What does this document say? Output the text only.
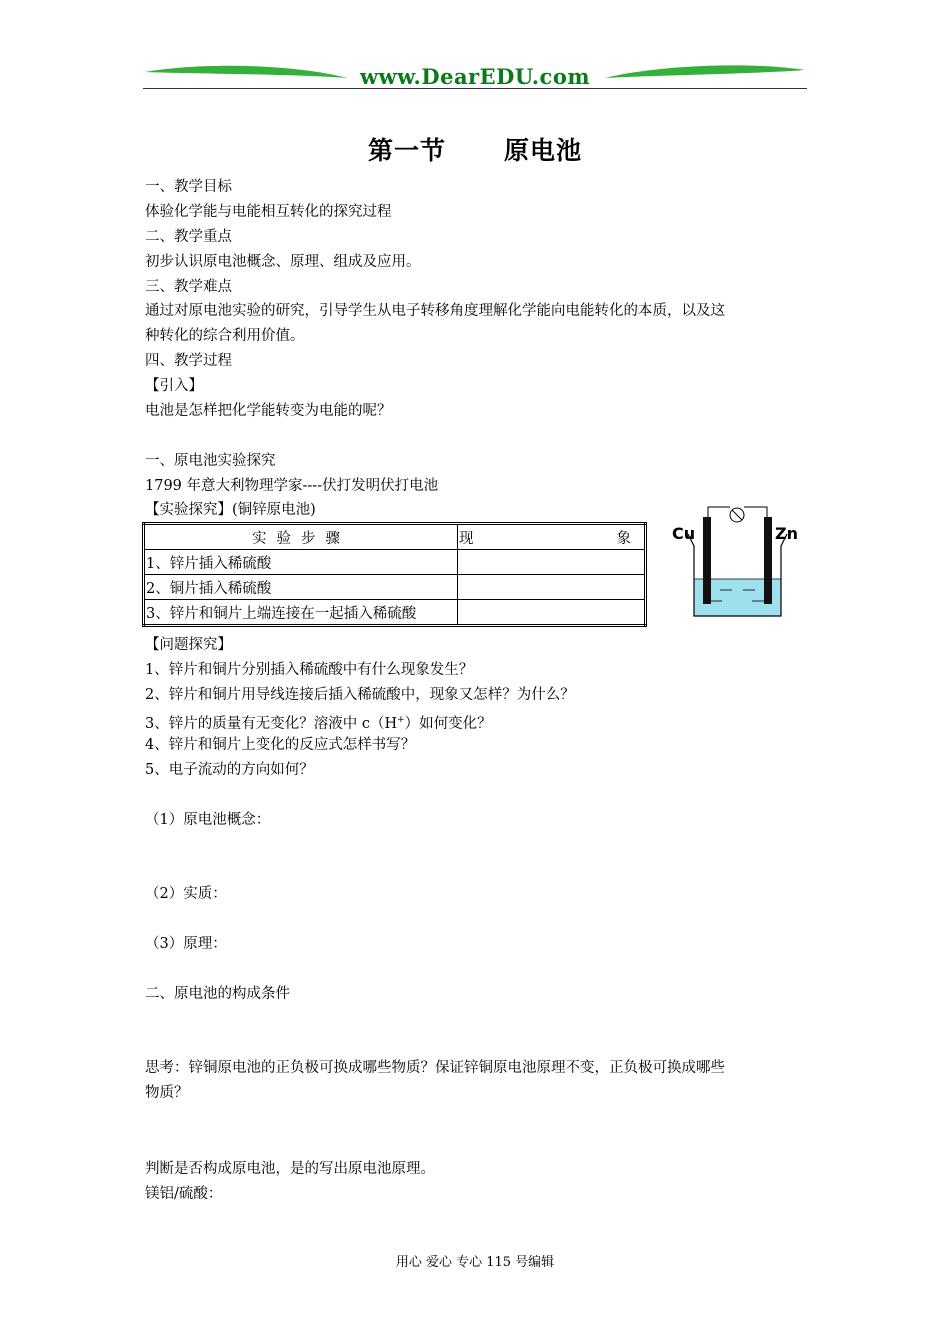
www.DearEDU.com
第一节 原电池
一、教学目标
体验化学能与电能相互转化的探究过程
二、教学重点
初步认识原电池概念、原理、组成及应用。
三、教学难点
通过对原电池实验的研究，引导学生从电子转移角度理解化学能向电能转化的本质，以及这
种转化的综合利用价值。
四、教学过程
【引入】
电池是怎样把化学能转变为电能的呢？
一、原电池实验探究
1799 年意大利物理学家----伏打发明伏打电池
【实验探究】(铜锌原电池)
实验步骤	现 象

1、锌片插入稀硫酸	
2、铜片插入稀硫酸	
3、锌片和铜片上端连接在一起插入稀硫酸	
Cu	Zn
【问题探究】
1、锌片和铜片分别插入稀硫酸中有什么现象发生？
2、锌片和铜片用导线连接后插入稀硫酸中，现象又怎样？为什么？
3、锌片的质量有无变化？溶液中 c（H+）如何变化？
4、锌片和铜片上变化的反应式怎样书写？
5、电子流动的方向如何？
（1）原电池概念：
（2）实质：
（3）原理：
二、原电池的构成条件
思考：锌铜原电池的正负极可换成哪些物质？保证锌铜原电池原理不变，正负极可换成哪些
物质？
判断是否构成原电池，是的写出原电池原理。
镁铝/硫酸：
用心 爱心 专心 115 号编辑
